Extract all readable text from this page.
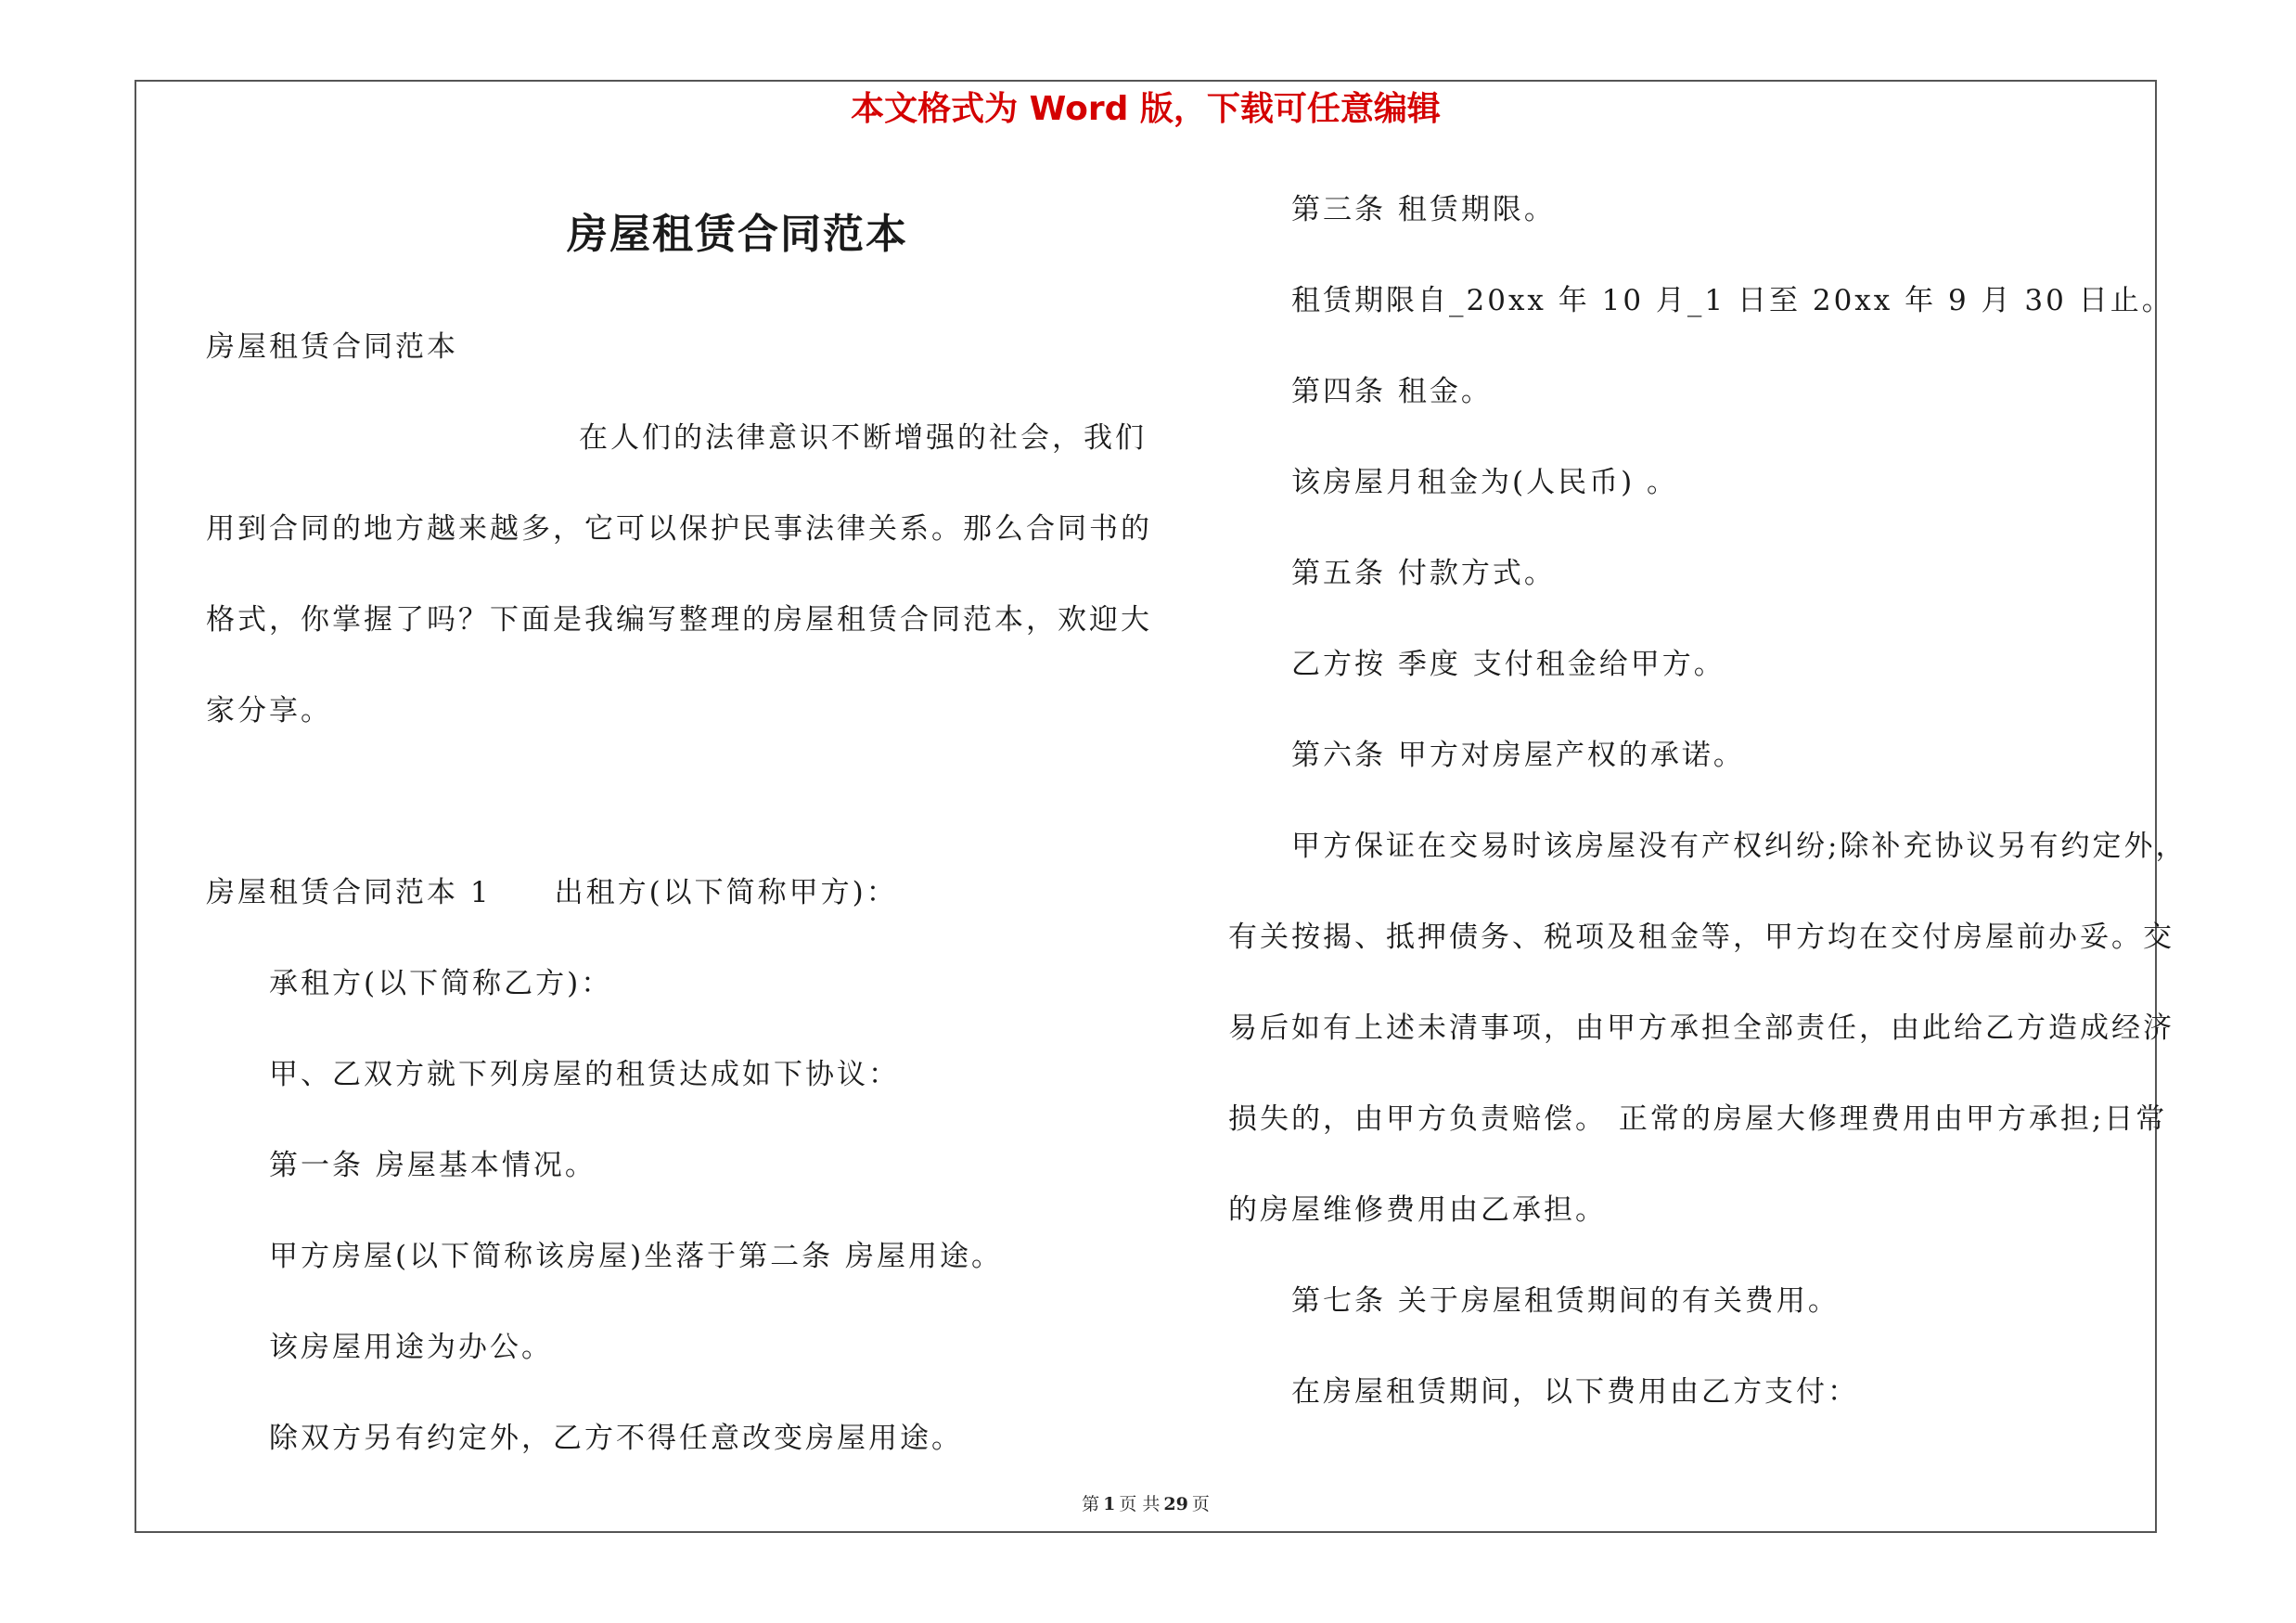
本文格式为 Word 版，下载可任意编辑
房屋租赁合同范本
房屋租赁合同范本
在人们的法律意识不断增强的社会，我们
用到合同的地方越来越多，它可以保护民事法律关系。那么合同书的
格式，你掌握了吗？下面是我编写整理的房屋租赁合同范本，欢迎大
家分享。
房屋租赁合同范本 1　　出租方(以下简称甲方)：
承租方(以下简称乙方)：
甲、乙双方就下列房屋的租赁达成如下协议：
第一条 房屋基本情况。
甲方房屋(以下简称该房屋)坐落于第二条 房屋用途。
该房屋用途为办公。
除双方另有约定外，乙方不得任意改变房屋用途。
第三条 租赁期限。
租赁期限自_20xx 年 10 月_1 日至 20xx 年 9 月 30 日止。
第四条 租金。
该房屋月租金为(人民币) 。
第五条 付款方式。
乙方按 季度 支付租金给甲方。
第六条 甲方对房屋产权的承诺。
甲方保证在交易时该房屋没有产权纠纷;除补充协议另有约定外，
有关按揭、抵押债务、税项及租金等，甲方均在交付房屋前办妥。交
易后如有上述未清事项，由甲方承担全部责任，由此给乙方造成经济
损失的，由甲方负责赔偿。 正常的房屋大修理费用由甲方承担;日常
的房屋维修费用由乙承担。
第七条 关于房屋租赁期间的有关费用。
在房屋租赁期间，以下费用由乙方支付：
第 1 页 共 29 页
